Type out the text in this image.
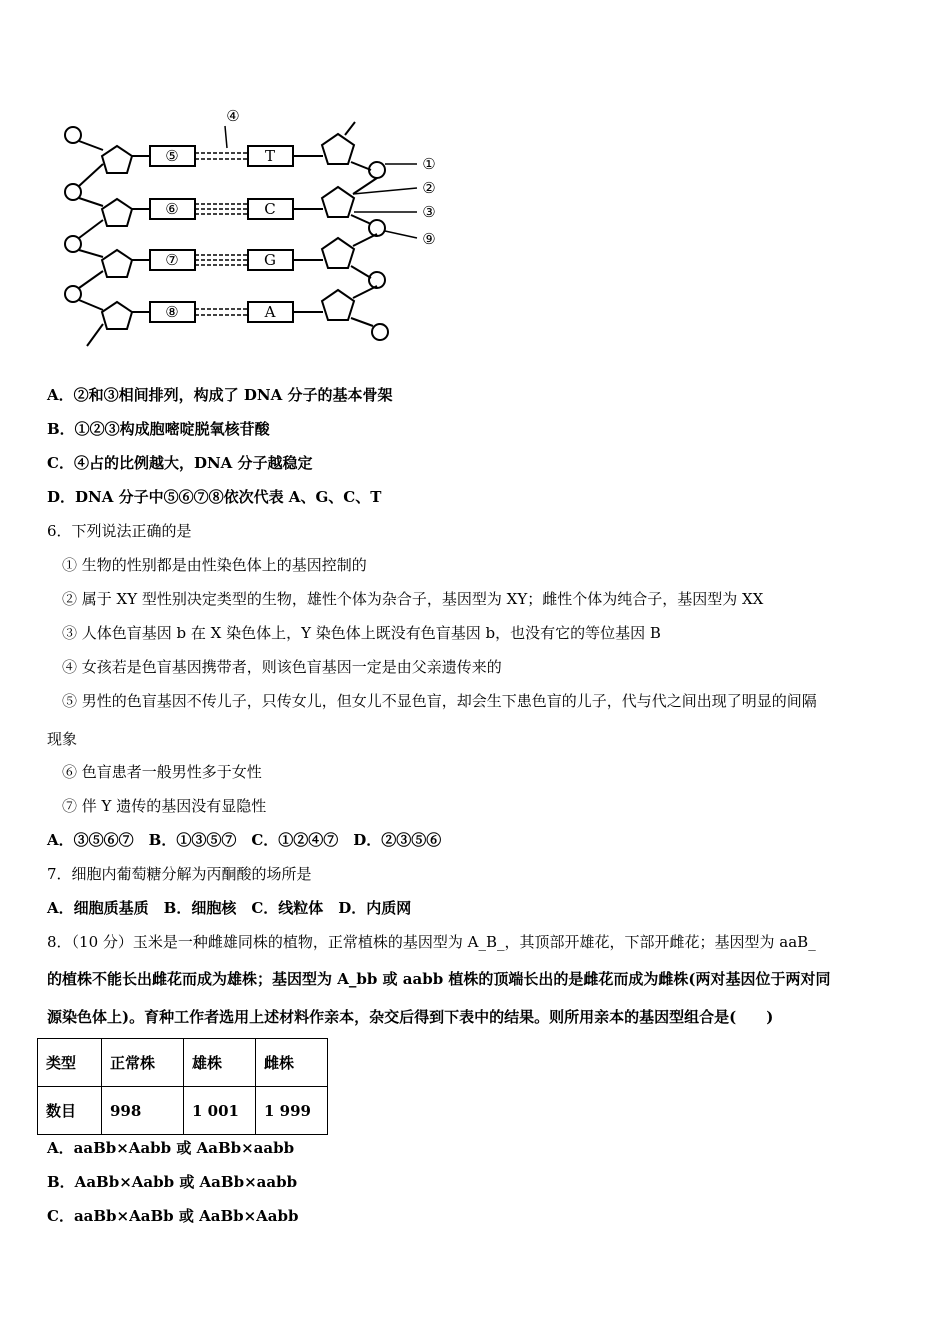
⑤
⑥
⑦
⑧
T
C
G
A
④
①
②
③
⑨
A．②和③相间排列，构成了 DNA 分子的基本骨架
B．①②③构成胞嘧啶脱氧核苷酸
C．④占的比例越大，DNA 分子越稳定
D．DNA 分子中⑤⑥⑦⑧依次代表 A、G、C、T
6．下列说法正确的是
① 生物的性别都是由性染色体上的基因控制的
② 属于 XY 型性别决定类型的生物，雄性个体为杂合子，基因型为 XY；雌性个体为纯合子，基因型为 XX
③ 人体色盲基因 b 在 X 染色体上，Y 染色体上既没有色盲基因 b，也没有它的等位基因 B
④ 女孩若是色盲基因携带者，则该色盲基因一定是由父亲遗传来的
⑤ 男性的色盲基因不传儿子，只传女儿，但女儿不显色盲，却会生下患色盲的儿子，代与代之间出现了明显的间隔
现象
⑥ 色盲患者一般男性多于女性
⑦ 伴 Y 遗传的基因没有显隐性
A．③⑤⑥⑦　B．①③⑤⑦　C．①②④⑦　D．②③⑤⑥
7．细胞内葡萄糖分解为丙酮酸的场所是
A．细胞质基质　B．细胞核　C．线粒体　D．内质网
8．（10 分）玉米是一种雌雄同株的植物，正常植株的基因型为 A_B_，其顶部开雄花，下部开雌花；基因型为 aaB_
的植株不能长出雌花而成为雄株；基因型为 A_bb 或 aabb 植株的顶端长出的是雌花而成为雌株(两对基因位于两对同
源染色体上)。育种工作者选用上述材料作亲本，杂交后得到下表中的结果。则所用亲本的基因型组合是(　　)
类型	正常株	雄株	雌株
数目	998	1 001	1 999
A．aaBb×Aabb 或 AaBb×aabb
B．AaBb×Aabb 或 AaBb×aabb
C．aaBb×AaBb 或 AaBb×Aabb
